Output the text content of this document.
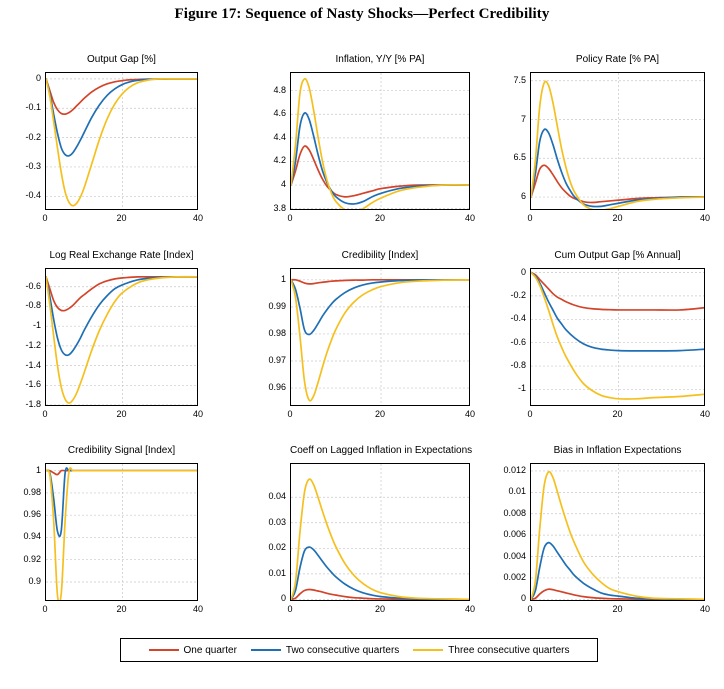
Figure 17: Sequence of Nasty Shocks—Perfect Credibility
Output Gap [%]
-0.4
-0.3
-0.2
-0.1
0
0	20	40
Inflation, Y/Y [% PA]
3.8
4
4.2
4.4
4.6
4.8
0	20	40
Policy Rate [% PA]
6
6.5
7
7.5
0	20	40
Log Real Exchange Rate [Index]
-1.8
-1.6
-1.4
-1.2
-1
-0.8
-0.6
0	20	40
Credibility [Index]
0.96
0.97
0.98
0.99
1
0	20	40
Cum Output Gap [% Annual]
-1
-0.8
-0.6
-0.4
-0.2
0
0	20	40
Credibility Signal [Index]
0.9
0.92
0.94
0.96
0.98
1
0	20	40
Coeff on Lagged Inflation in Expectations
0
0.01
0.02
0.03
0.04
0	20	40
Bias in Inflation Expectations
0
0.002
0.004
0.006
0.008
0.01
0.012
0	20	40
One quarter	Two consecutive quarters	Three consecutive quarters
